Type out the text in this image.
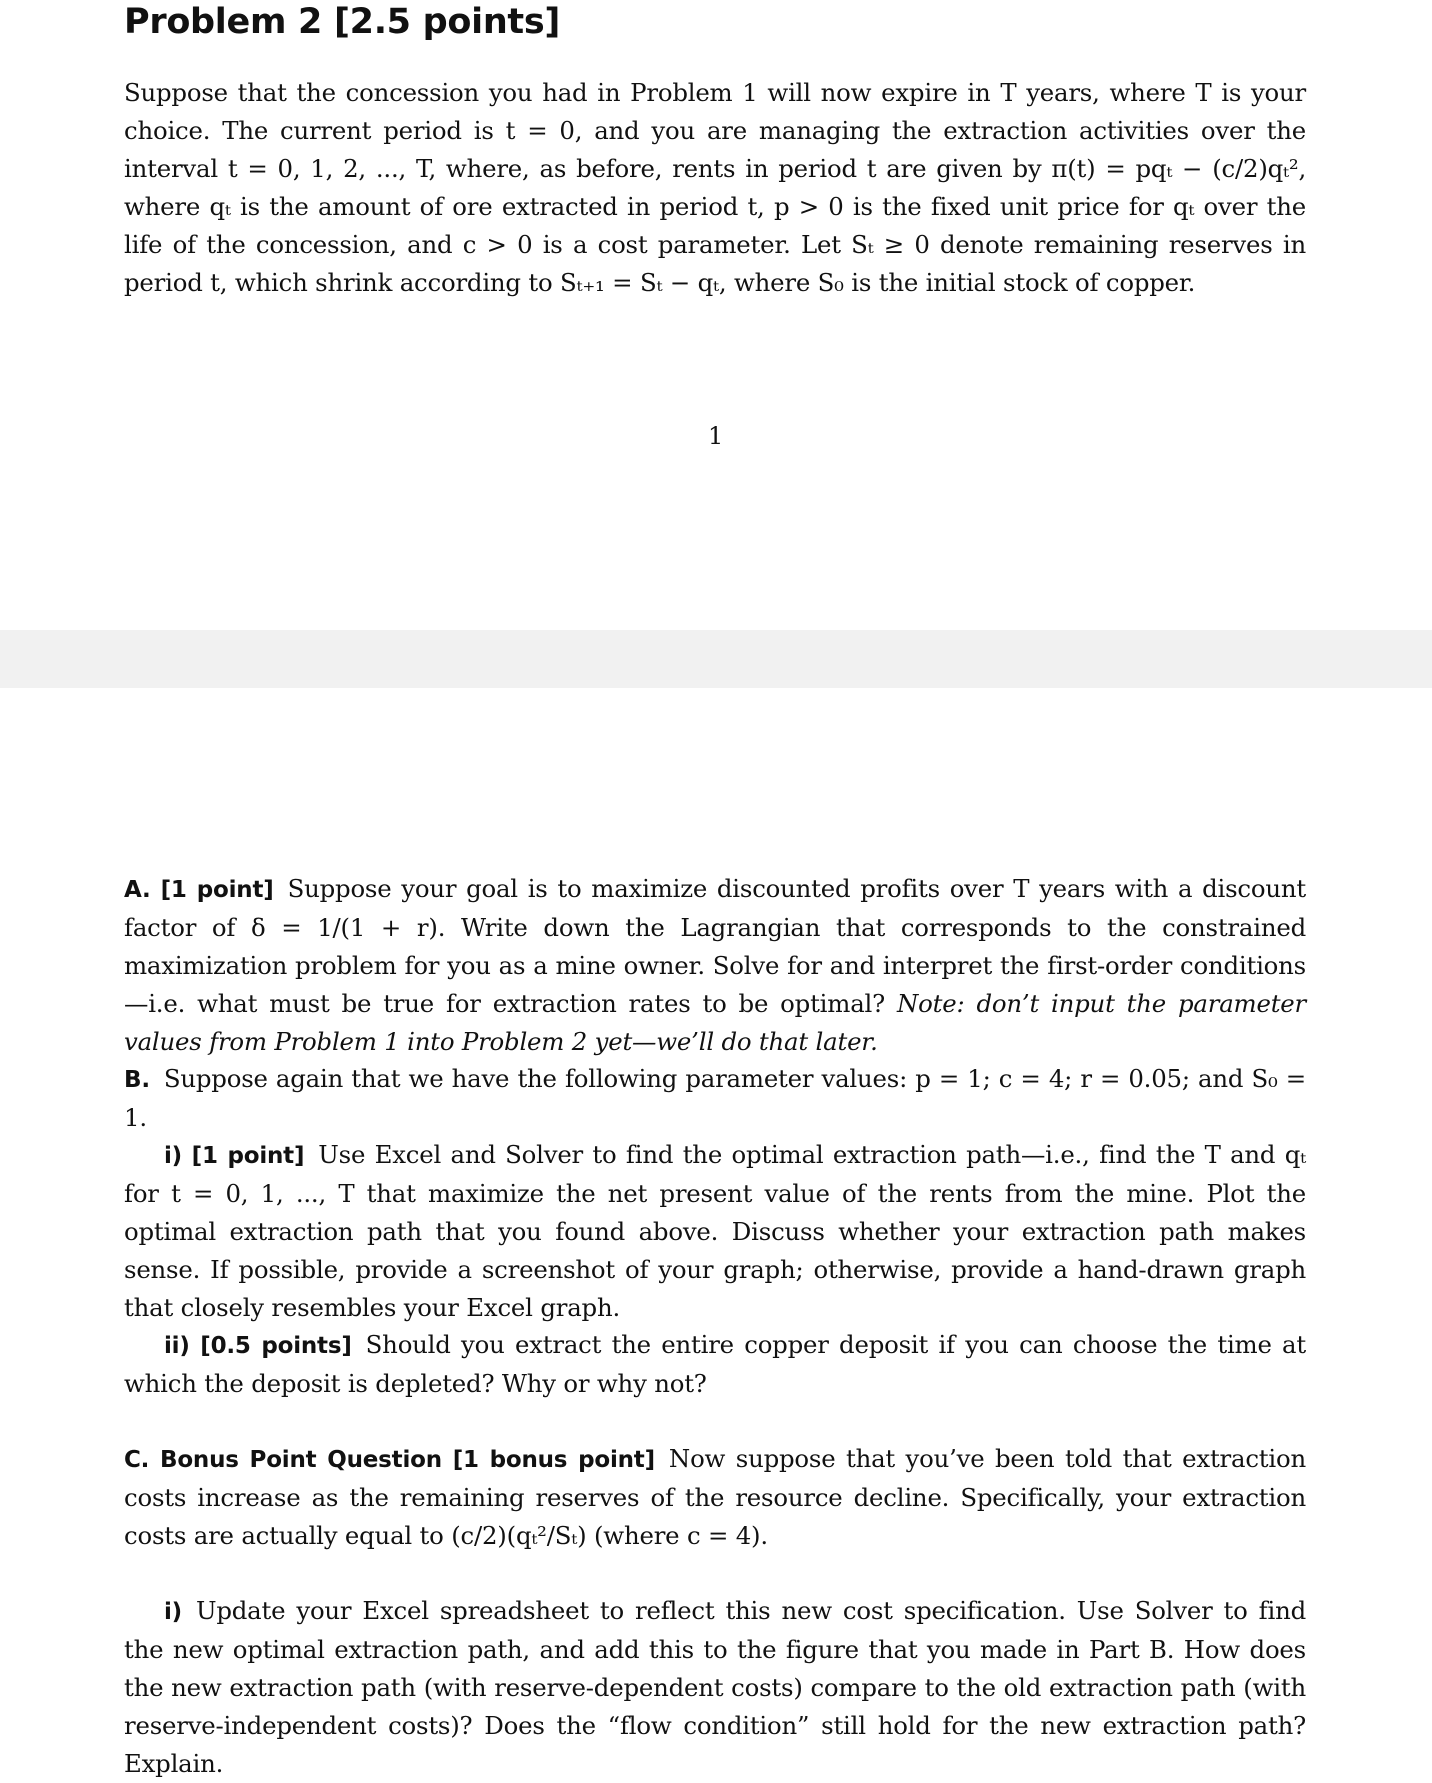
Problem 2 [2.5 points]

Suppose that the concession you had in Problem 1 will now expire in T years, where T is your choice. The current period is t = 0, and you are managing the extraction activities over the interval t = 0, 1, 2, ..., T, where, as before, rents in period t are given by π(t) = pqₜ − (c/2)qₜ², where qₜ is the amount of ore extracted in period t, p > 0 is the fixed unit price for qₜ over the life of the concession, and c > 0 is a cost parameter. Let Sₜ ≥ 0 denote remaining reserves in period t, which shrink according to Sₜ₊₁ = Sₜ − qₜ, where S₀ is the initial stock of copper.

1

A. [1 point] Suppose your goal is to maximize discounted profits over T years with a discount factor of δ = 1/(1 + r). Write down the Lagrangian that corresponds to the constrained maximization problem for you as a mine owner. Solve for and interpret the first-order conditions—i.e. what must be true for extraction rates to be optimal? Note: don’t input the parameter values from Problem 1 into Problem 2 yet—we’ll do that later.

B. Suppose again that we have the following parameter values: p = 1; c = 4; r = 0.05; and S₀ = 1.

i) [1 point] Use Excel and Solver to find the optimal extraction path—i.e., find the T and qₜ for t = 0, 1, ..., T that maximize the net present value of the rents from the mine. Plot the optimal extraction path that you found above. Discuss whether your extraction path makes sense. If possible, provide a screenshot of your graph; otherwise, provide a hand-drawn graph that closely resembles your Excel graph.

ii) [0.5 points] Should you extract the entire copper deposit if you can choose the time at which the deposit is depleted? Why or why not?

C. Bonus Point Question [1 bonus point] Now suppose that you’ve been told that extraction costs increase as the remaining reserves of the resource decline. Specifically, your extraction costs are actually equal to (c/2)(qₜ²/Sₜ) (where c = 4).

i) Update your Excel spreadsheet to reflect this new cost specification. Use Solver to find the new optimal extraction path, and add this to the figure that you made in Part B. How does the new extraction path (with reserve-dependent costs) compare to the old extraction path (with reserve-independent costs)? Does the “flow condition” still hold for the new extraction path? Explain.
